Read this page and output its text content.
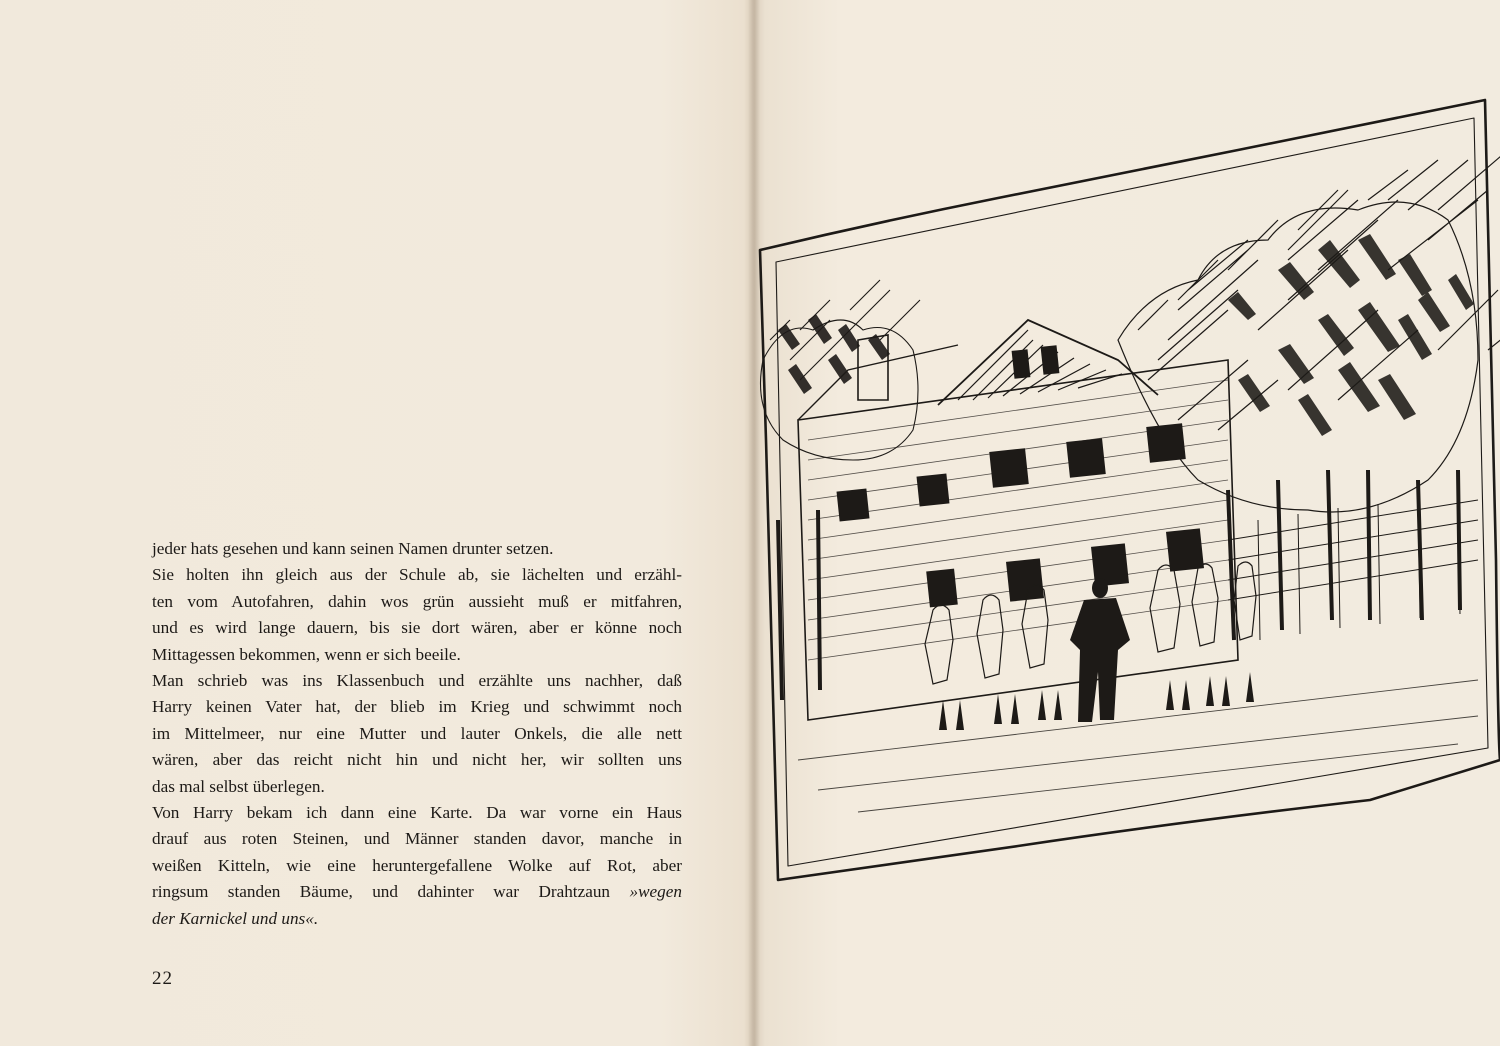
jeder hats gesehen und kann seinen Namen drunter setzen.
Sie holten ihn gleich aus der Schule ab, sie lächelten und erzähl-
ten vom Autofahren, dahin wos grün aussieht muß er mitfahren,
und es wird lange dauern, bis sie dort wären, aber er könne noch
Mittagessen bekommen, wenn er sich beeile.
Man schrieb was ins Klassenbuch und erzählte uns nachher, daß
Harry keinen Vater hat, der blieb im Krieg und schwimmt noch
im Mittelmeer, nur eine Mutter und lauter Onkels, die alle nett
wären, aber das reicht nicht hin und nicht her, wir sollten uns
das mal selbst überlegen.
Von Harry bekam ich dann eine Karte. Da war vorne ein Haus
drauf aus roten Steinen, und Männer standen davor, manche in
weißen Kitteln, wie eine heruntergefallene Wolke auf Rot, aber
ringsum standen Bäume, und dahinter war Drahtzaun »wegen
der Karnickel und uns«.
22
